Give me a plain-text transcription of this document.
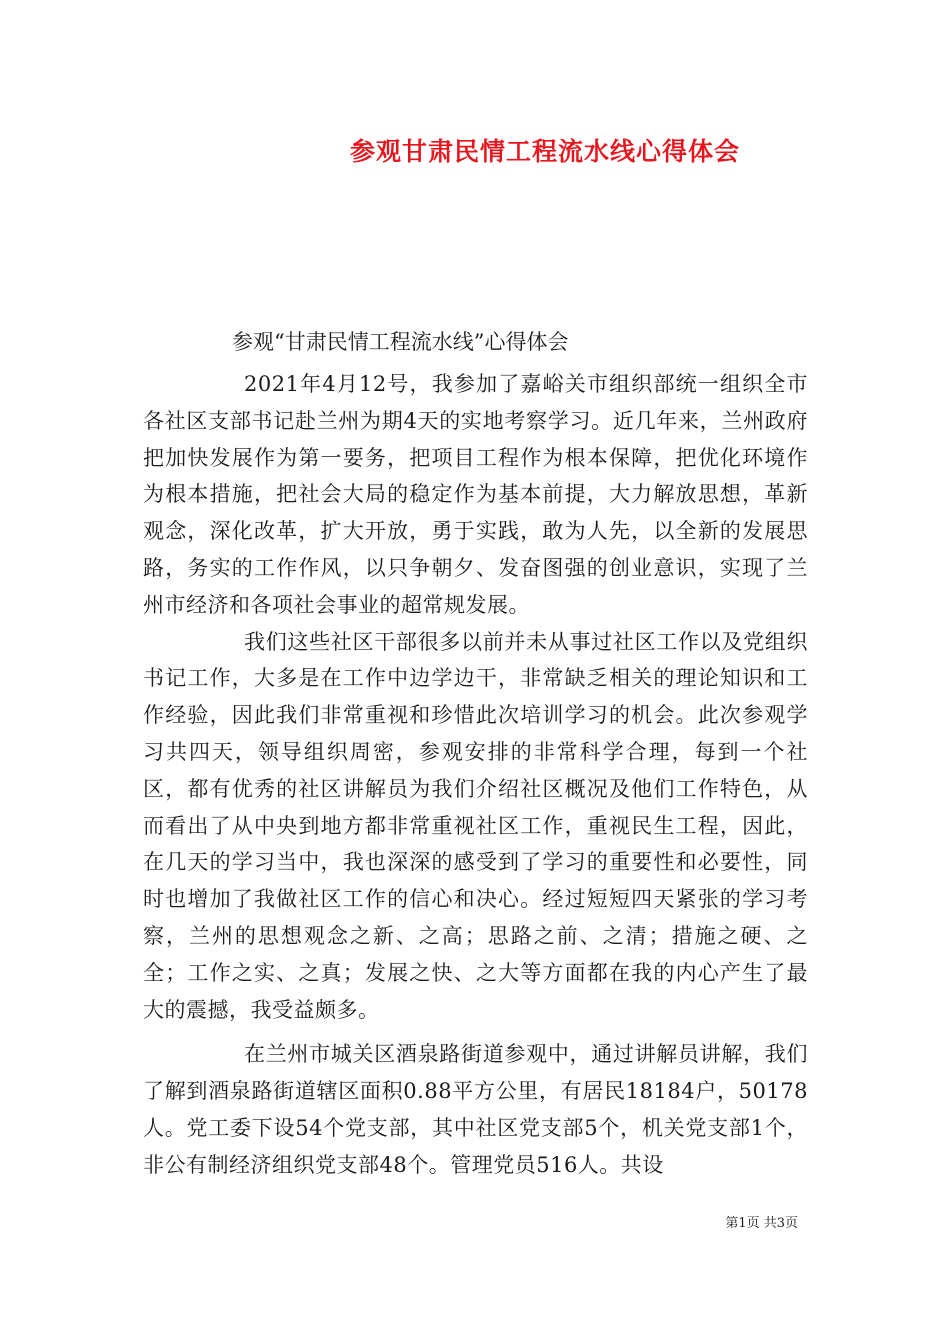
参观甘肃民情工程流水线心得体会

参观“甘肃民情工程流水线”心得体会

2021年4月12号，我参加了嘉峪关市组织部统一组织全市各社区支部书记赴兰州为期4天的实地考察学习。近几年来，兰州政府把加快发展作为第一要务，把项目工程作为根本保障，把优化环境作为根本措施，把社会大局的稳定作为基本前提，大力解放思想，革新观念，深化改革，扩大开放，勇于实践，敢为人先，以全新的发展思路，务实的工作作风，以只争朝夕、发奋图强的创业意识，实现了兰州市经济和各项社会事业的超常规发展。

我们这些社区干部很多以前并未从事过社区工作以及党组织书记工作，大多是在工作中边学边干，非常缺乏相关的理论知识和工作经验，因此我们非常重视和珍惜此次培训学习的机会。此次参观学习共四天，领导组织周密，参观安排的非常科学合理，每到一个社区，都有优秀的社区讲解员为我们介绍社区概况及他们工作特色，从而看出了从中央到地方都非常重视社区工作，重视民生工程，因此，在几天的学习当中，我也深深的感受到了学习的重要性和必要性，同时也增加了我做社区工作的信心和决心。经过短短四天紧张的学习考察，兰州的思想观念之新、之高；思路之前、之清；措施之硬、之全；工作之实、之真；发展之快、之大等方面都在我的内心产生了最大的震撼，我受益颇多。

在兰州市城关区酒泉路街道参观中，通过讲解员讲解，我们了解到酒泉路街道辖区面积0.88平方公里，有居民18184户，50178人。党工委下设54个党支部，其中社区党支部5个，机关党支部1个，非公有制经济组织党支部48个。管理党员516人。共设

第1页 共3页
